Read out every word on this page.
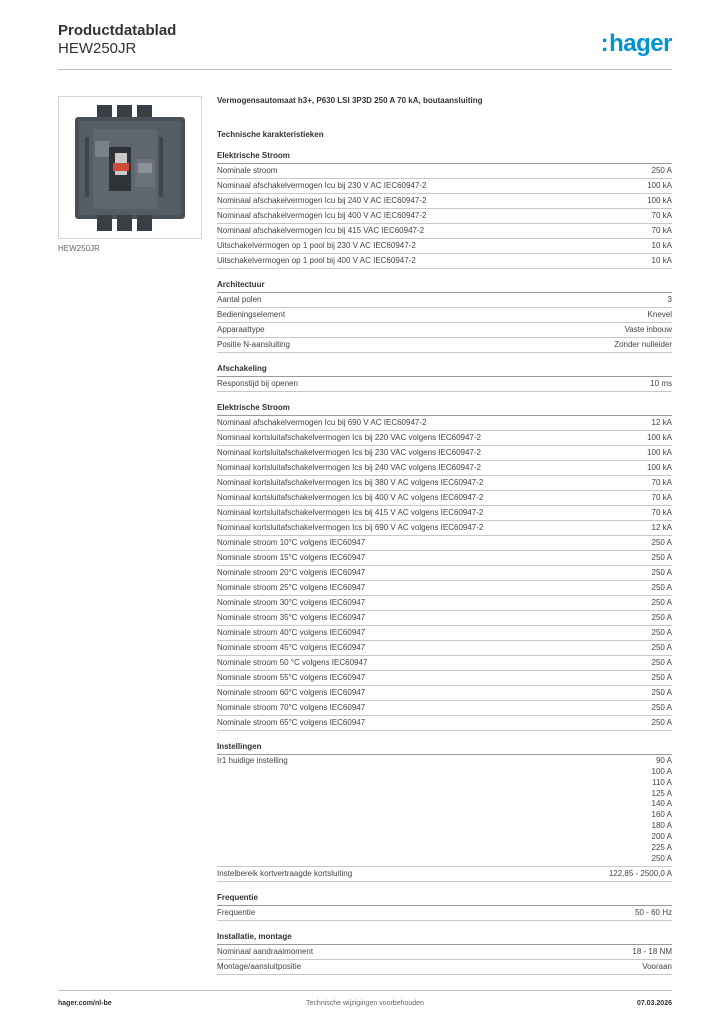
Productdatablad
HEW250JR	:hager
HEW250JR
Vermogensautomaat h3+, P630 LSI 3P3D 250 A 70 kA, boutaansluiting
Technische karakteristieken
Elektrische Stroom
Nominale stroom	250 A
Nominaal afschakelvermogen Icu bij 230 V AC IEC60947-2	100 kA
Nominaal afschakelvermogen Icu bij 240 V AC IEC60947-2	100 kA
Nominaal afschakelvermogen Icu bij 400 V AC IEC60947-2	70 kA
Nominaal afschakelvermogen Icu bij 415 VAC IEC60947-2	70 kA
Uitschakelvermogen op 1 pool bij 230 V AC IEC60947-2	10 kA
Uitschakelvermogen op 1 pool bij 400 V AC IEC60947-2	10 kA
Architectuur
Aantal polen	3
Bedieningselement	Knevel
Apparaattype	Vaste inbouw
Positie N-aansluiting	Zonder nulleider
Afschakeling
Responstijd bij openen	10 ms
Elektrische Stroom
Nominaal afschakelvermogen Icu bij 690 V AC IEC60947-2	12 kA
Nominaal kortsluitafschakelvermogen Ics bij 220 VAC volgens IEC60947-2	100 kA
Nominaal kortsluitafschakelvermogen Ics bij 230 VAC volgens IEC60947-2	100 kA
Nominaal kortsluitafschakelvermogen Ics bij 240 VAC volgens IEC60947-2	100 kA
Nominaal kortsluitafschakelvermogen Ics bij 380 V AC volgens IEC60947-2	70 kA
Nominaal kortsluitafschakelvermogen Ics bij 400 V AC volgens IEC60947-2	70 kA
Nominaal kortsluitafschakelvermogen Ics bij 415 V AC volgens IEC60947-2	70 kA
Nominaal kortsluitafschakelvermogen Ics bij 690 V AC volgens IEC60947-2	12 kA
Nominale stroom 10°C volgens IEC60947	250 A
Nominale stroom 15°C volgens IEC60947	250 A
Nominale stroom 20°C volgens IEC60947	250 A
Nominale stroom 25°C volgens IEC60947	250 A
Nominale stroom 30°C volgens IEC60947	250 A
Nominale stroom 35°C volgens IEC60947	250 A
Nominale stroom 40°C volgens IEC60947	250 A
Nominale stroom 45°C volgens IEC60947	250 A
Nominale stroom 50 °C volgens IEC60947	250 A
Nominale stroom 55°C volgens IEC60947	250 A
Nominale stroom 60°C volgens IEC60947	250 A
Nominale stroom 70°C volgens IEC60947	250 A
Nominale stroom 65°C volgens IEC60947	250 A
Instellingen
Ir1 huidige instelling	90 A
100 A
110 A
125 A
140 A
160 A
180 A
200 A
225 A
250 A
Instelbereik kortvertraagde kortsluiting	122,85 - 2500,0 A
Frequentie
Frequentie	50 - 60 Hz
Installatie, montage
Nominaal aandraaimoment	18 - 18 NM
Montage/aansluitpositie	Vooraan
hager.com/nl-be	Technische wijzigingen voorbehouden	07.03.2026
